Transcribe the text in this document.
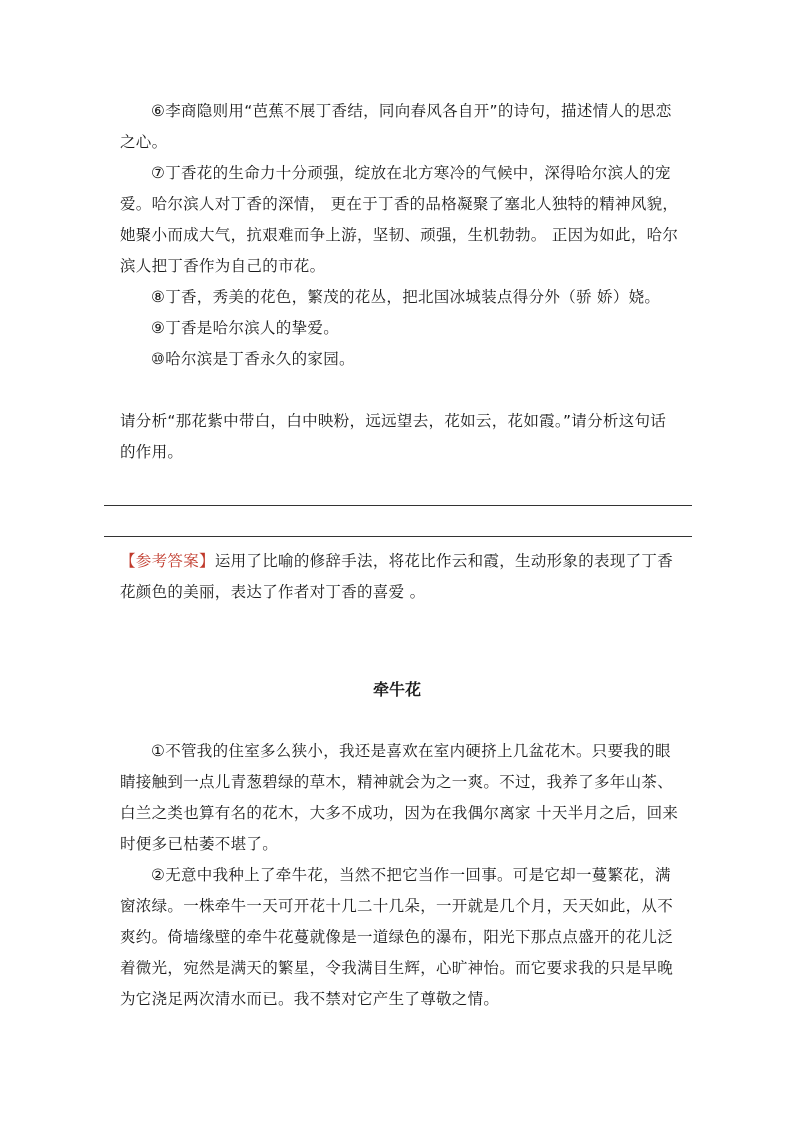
⑥李商隐则用“芭蕉不展丁香结，同向春风各自开”的诗句，描述情人的思恋之心。

⑦丁香花的生命力十分顽强，绽放在北方寒冷的气候中，深得哈尔滨人的宠爱。哈尔滨人对丁香的深情， 更在于丁香的品格凝聚了塞北人独特的精神风貌，她聚小而成大气，抗艰难而争上游，坚韧、顽强，生机勃勃。 正因为如此，哈尔滨人把丁香作为自己的市花。

⑧丁香，秀美的花色，繁茂的花丛，把北国冰城装点得分外（骄 娇）娆。

⑨丁香是哈尔滨人的挚爱。

⑩哈尔滨是丁香永久的家园。

请分析“那花紫中带白，白中映粉，远远望去，花如云，花如霞。”请分析这句话的作用。

【参考答案】运用了比喻的修辞手法，将花比作云和霞，生动形象的表现了丁香花颜色的美丽，表达了作者对丁香的喜爱 。

牵牛花

①不管我的住室多么狭小，我还是喜欢在室内硬挤上几盆花木。只要我的眼睛接触到一点儿青葱碧绿的草木，精神就会为之一爽。不过，我养了多年山茶、白兰之类也算有名的花木，大多不成功，因为在我偶尔离家 十天半月之后，回来时便多已枯萎不堪了。

②无意中我种上了牵牛花，当然不把它当作一回事。可是它却一蔓繁花，满窗浓绿。一株牵牛一天可开花十几二十几朵，一开就是几个月，天天如此，从不爽约。倚墙缘壁的牵牛花蔓就像是一道绿色的瀑布，阳光下那点点盛开的花儿泛着微光，宛然是满天的繁星，令我满目生辉，心旷神怡。而它要求我的只是早晚为它浇足两次清水而已。我不禁对它产生了尊敬之情。
